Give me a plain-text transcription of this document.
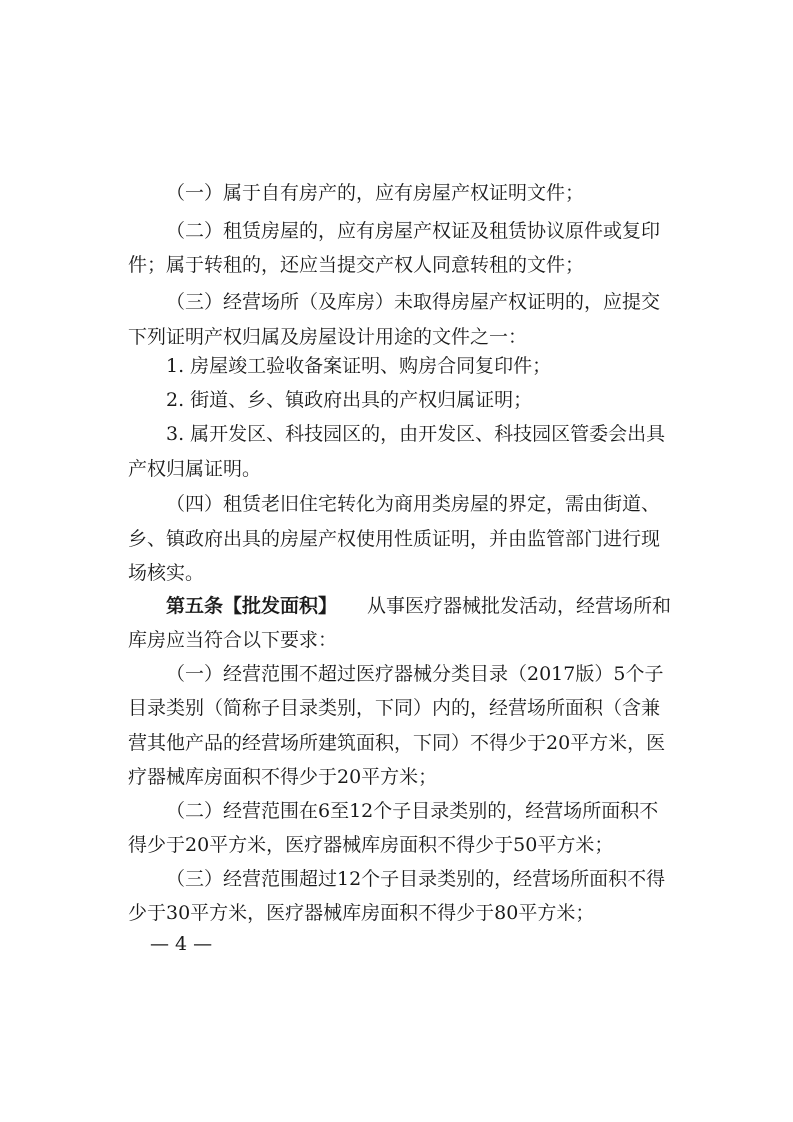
（一）属于自有房产的，应有房屋产权证明文件；
（二）租赁房屋的，应有房屋产权证及租赁协议原件或复印
件；属于转租的，还应当提交产权人同意转租的文件；
（三）经营场所（及库房）未取得房屋产权证明的，应提交
下列证明产权归属及房屋设计用途的文件之一：
1. 房屋竣工验收备案证明、购房合同复印件；
2. 街道、乡、镇政府出具的产权归属证明；
3. 属开发区、科技园区的，由开发区、科技园区管委会出具
产权归属证明。
（四）租赁老旧住宅转化为商用类房屋的界定，需由街道、
乡、镇政府出具的房屋产权使用性质证明，并由监管部门进行现
场核实。
第五条【批发面积】 从事医疗器械批发活动，经营场所和
库房应当符合以下要求：
（一）经营范围不超过医疗器械分类目录（2017版）5个子
目录类别（简称子目录类别，下同）内的，经营场所面积（含兼
营其他产品的经营场所建筑面积，下同）不得少于20平方米，医
疗器械库房面积不得少于20平方米；
（二）经营范围在6至12个子目录类别的，经营场所面积不
得少于20平方米，医疗器械库房面积不得少于50平方米；
（三）经营范围超过12个子目录类别的，经营场所面积不得
少于30平方米，医疗器械库房面积不得少于80平方米；
— 4 —
